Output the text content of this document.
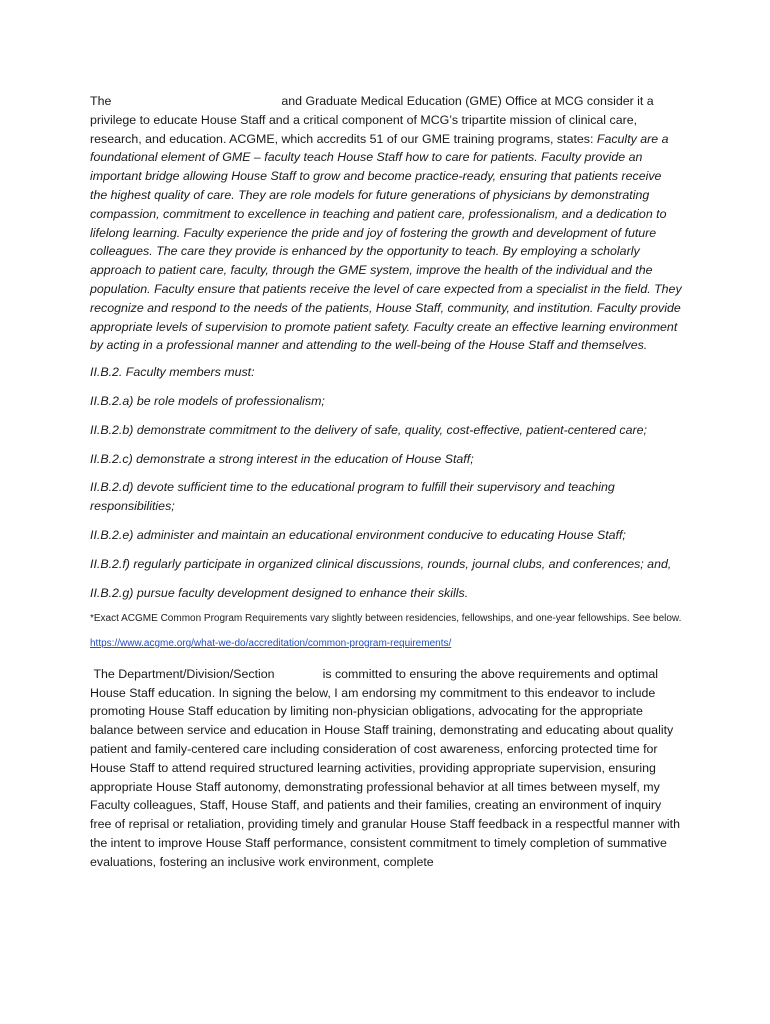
The	and Graduate Medical Education (GME) Office at MCG consider it a privilege to educate House Staff and a critical component of MCG’s tripartite mission of clinical care, research, and education. ACGME, which accredits 51 of our GME training programs, states: Faculty are a foundational element of GME – faculty teach House Staff how to care for patients. Faculty provide an important bridge allowing House Staff to grow and become practice-ready, ensuring that patients receive the highest quality of care. They are role models for future generations of physicians by demonstrating compassion, commitment to excellence in teaching and patient care, professionalism, and a dedication to lifelong learning. Faculty experience the pride and joy of fostering the growth and development of future colleagues. The care they provide is enhanced by the opportunity to teach. By employing a scholarly approach to patient care, faculty, through the GME system, improve the health of the individual and the population. Faculty ensure that patients receive the level of care expected from a specialist in the field. They recognize and respond to the needs of the patients, House Staff, community, and institution. Faculty provide appropriate levels of supervision to promote patient safety. Faculty create an effective learning environment by acting in a professional manner and attending to the well-being of the House Staff and themselves.

II.B.2. Faculty members must:

II.B.2.a) be role models of professionalism;

II.B.2.b) demonstrate commitment to the delivery of safe, quality, cost-effective, patient-centered care;

II.B.2.c) demonstrate a strong interest in the education of House Staff;

II.B.2.d) devote sufficient time to the educational program to fulfill their supervisory and teaching responsibilities;

II.B.2.e) administer and maintain an educational environment conducive to educating House Staff;

II.B.2.f) regularly participate in organized clinical discussions, rounds, journal clubs, and conferences; and,

II.B.2.g) pursue faculty development designed to enhance their skills.

*Exact ACGME Common Program Requirements vary slightly between residencies, fellowships, and one-year fellowships. See below.

https://www.acgme.org/what-we-do/accreditation/common-program-requirements/

The Department/Division/Section	is committed to ensuring the above requirements and optimal House Staff education. In signing the below, I am endorsing my commitment to this endeavor to include promoting House Staff education by limiting non-physician obligations, advocating for the appropriate balance between service and education in House Staff training, demonstrating and educating about quality patient and family-centered care including consideration of cost awareness, enforcing protected time for House Staff to attend required structured learning activities, providing appropriate supervision, ensuring appropriate House Staff autonomy, demonstrating professional behavior at all times between myself, my Faculty colleagues, Staff, House Staff, and patients and their families, creating an environment of inquiry free of reprisal or retaliation, providing timely and granular House Staff feedback in a respectful manner with the intent to improve House Staff performance, consistent commitment to timely completion of summative evaluations, fostering an inclusive work environment, complete
